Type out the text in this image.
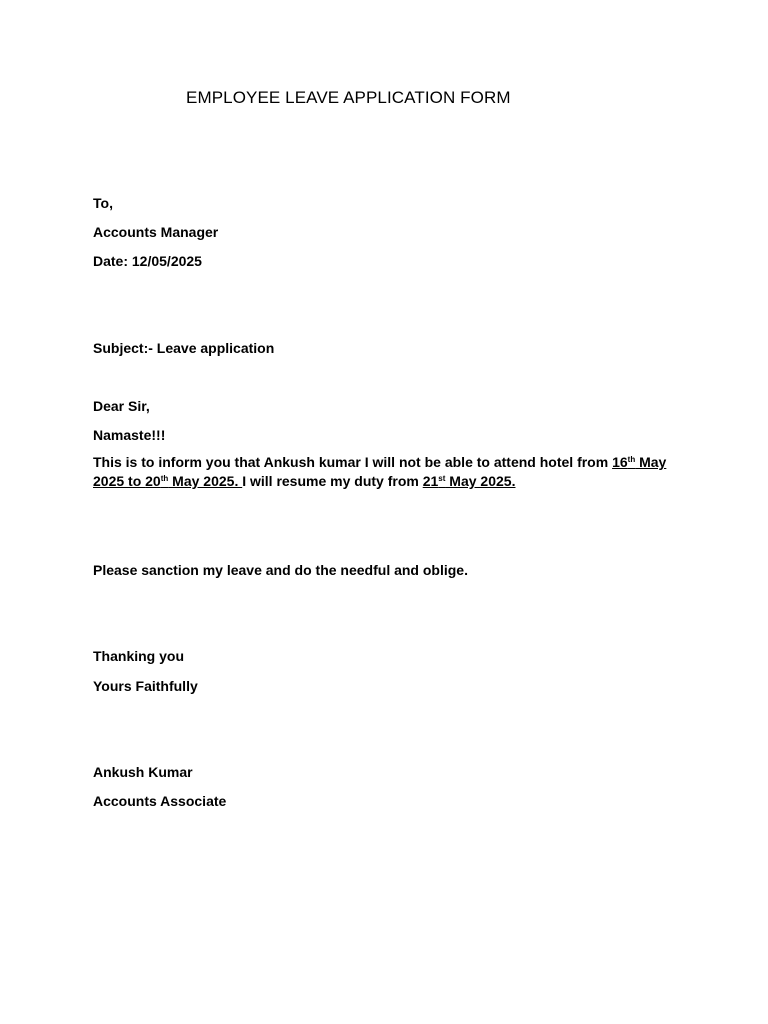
EMPLOYEE LEAVE APPLICATION FORM
To,
Accounts Manager
Date: 12/05/2025
Subject:- Leave application
Dear Sir,
Namaste!!!
This is to inform you that Ankush kumar I will not be able to attend hotel from 16th May 2025 to 20th May 2025. I will resume my duty from 21st May 2025.
Please sanction my leave and do the needful and oblige.
Thanking you
Yours Faithfully
Ankush Kumar
Accounts Associate
